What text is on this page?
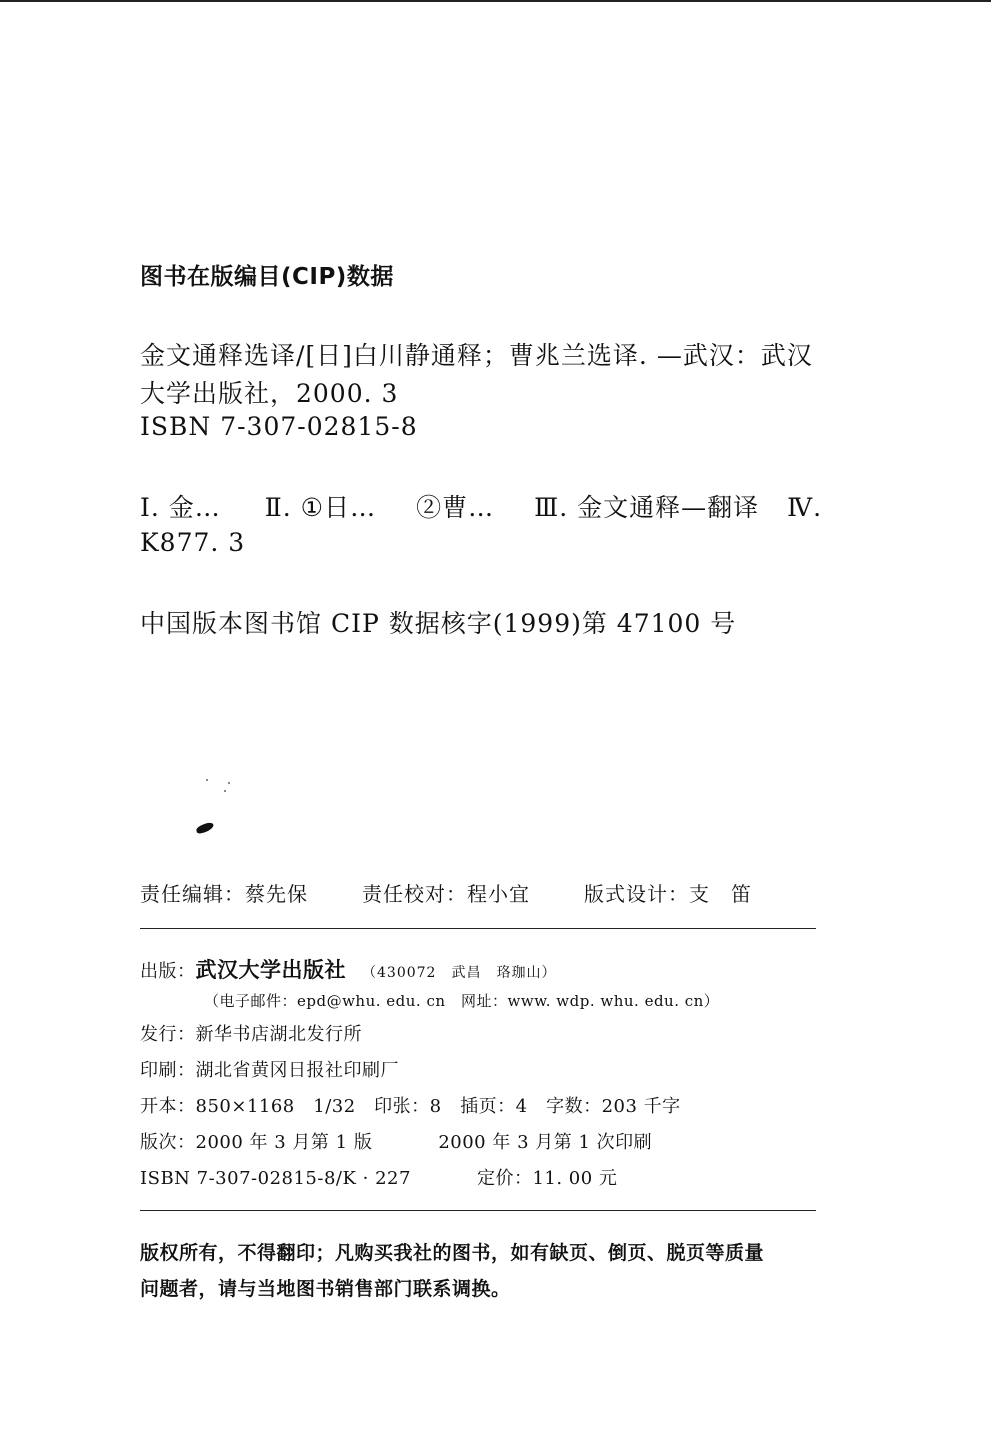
图书在版编目(CIP)数据
金文通释选译/[日]白川静通释；曹兆兰选译. —武汉：武汉
大学出版社，2000. 3
ISBN 7-307-02815-8
Ⅰ. 金… Ⅱ. ①日… ②曹… Ⅲ. 金文通释—翻译 Ⅳ.
K877. 3
中国版本图书馆 CIP 数据核字(1999)第 47100 号
责任编辑：蔡先保	责任校对：程小宜	版式设计：支　笛
出版：武汉大学出版社 （430072　武昌　珞珈山）
（电子邮件：epd@whu. edu. cn　网址：www. wdp. whu. edu. cn）
发行：新华书店湖北发行所
印刷：湖北省黄冈日报社印刷厂
开本：850×1168　1/32　印张：8　插页：4　字数：203 千字
版次：2000 年 3 月第 1 版	2000 年 3 月第 1 次印刷
ISBN 7-307-02815-8/K · 227	定价：11. 00 元
版权所有，不得翻印；凡购买我社的图书，如有缺页、倒页、脱页等质量
问题者，请与当地图书销售部门联系调换。
